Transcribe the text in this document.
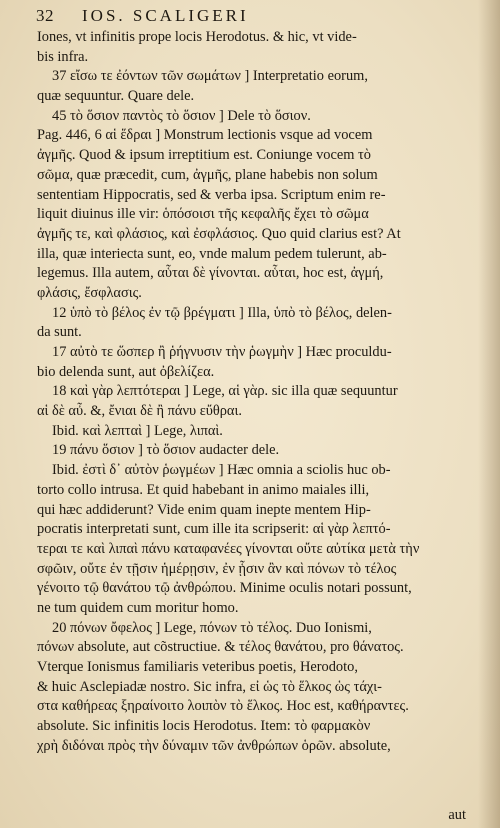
32 IOS. SCALIGERI
Iones, vt infinitis prope locis Herodotus. & hic, vt vide-
bis infra.
37 εἴσω τε ἐόντων τῶν σωμάτων ] Interpretatio eorum,
quæ sequuntur. Quare dele.
45 τὸ ὅσιον παντὸς τὸ ὅσιον ] Dele τὸ ὅσιον.
Pag. 446, 6 αἱ ἕδραι ] Monstrum lectionis vsque ad vocem
ἀγμῆς. Quod & ipsum irreptitium est. Coniunge vocem τὸ
σῶμα, quæ præcedit, cum, ἀγμῆς, plane habebis non solum
sententiam Hippocratis, sed & verba ipsa. Scriptum enim re-
liquit diuinus ille vir: ὁπόσοισι τῆς κεφαλῆς ἔχει τὸ σῶμα
ἀγμῆς τε, καὶ φλάσιος, καὶ ἐσφλάσιος. Quo quid clarius est? At
illa, quæ interiecta sunt, eo, vnde malum pedem tulerunt, ab-
legemus. Illa autem, αὗται δὲ γίνονται. αὗται, hoc est, ἀγμή,
φλάσις, ἔσφλασις.
12 ὑπὸ τὸ βέλος ἐν τῷ βρέγματι ] Illa, ὑπὸ τὸ βέλος, delen-
da sunt.
17 αὐτὸ τε ὥσπερ ἢ ῥήγνυσιν τὴν ῥωγμὴν ] Hæc proculdu-
bio delenda sunt, aut ὀβελίζεα.
18 καὶ γὰρ λεπτότεραι ] Lege, αἱ γὰρ. sic illa quæ sequuntur
αἱ δὲ αὖ. &, ἔνιαι δὲ ἢ πάνυ εὔθραι.
Ibid. καὶ λεπταὶ ] Lege, λιπαὶ.
19 πάνυ ὅσιον ] τὸ ὅσιον audacter dele.
Ibid. ἐστὶ δ᾽ αὐτὸν ῥωγμέων ] Hæc omnia a sciolis huc ob-
torto collo intrusa. Et quid habebant in animo maiales illi,
qui hæc addiderunt? Vide enim quam inepte mentem Hip-
pocratis interpretati sunt, cum ille ita scripserit: αἱ γὰρ λεπτό-
τεραι τε καὶ λιπαὶ πάνυ καταφανέες γίνονται οὔτε αὐτίκα μετὰ τὴν
σφῶιν, οὔτε ἐν τῇσιν ἡμέρῃσιν, ἐν ᾗσιν ἂν καὶ πόνων τὸ τέλος
γένοιτο τῷ θανάτου τῷ ἀνθρώπου. Minime oculis notari possunt,
ne tum quidem cum moritur homo.
20 πόνων ὄφελος ] Lege, πόνων τὸ τέλος. Duo Ionismi,
πόνων absolute, aut cõstructiue. & τέλος θανάτου, pro θάνατος.
Vterque Ionismus familiaris veteribus poetis, Herodoto,
& huic Asclepiadæ nostro. Sic infra, εἰ ὡς τὸ ἕλκος ὡς τάχι-
στα καθήρεας ξηραίνοιτο λοιπὸν τὸ ἕλκος. Hoc est, καθήραντες.
absolute. Sic infinitis locis Herodotus. Item: τὸ φαρμακὸν
χρὴ διδόναι πρὸς τὴν δύναμιν τῶν ἀνθρώπων ὁρῶν. absolute,
aut
